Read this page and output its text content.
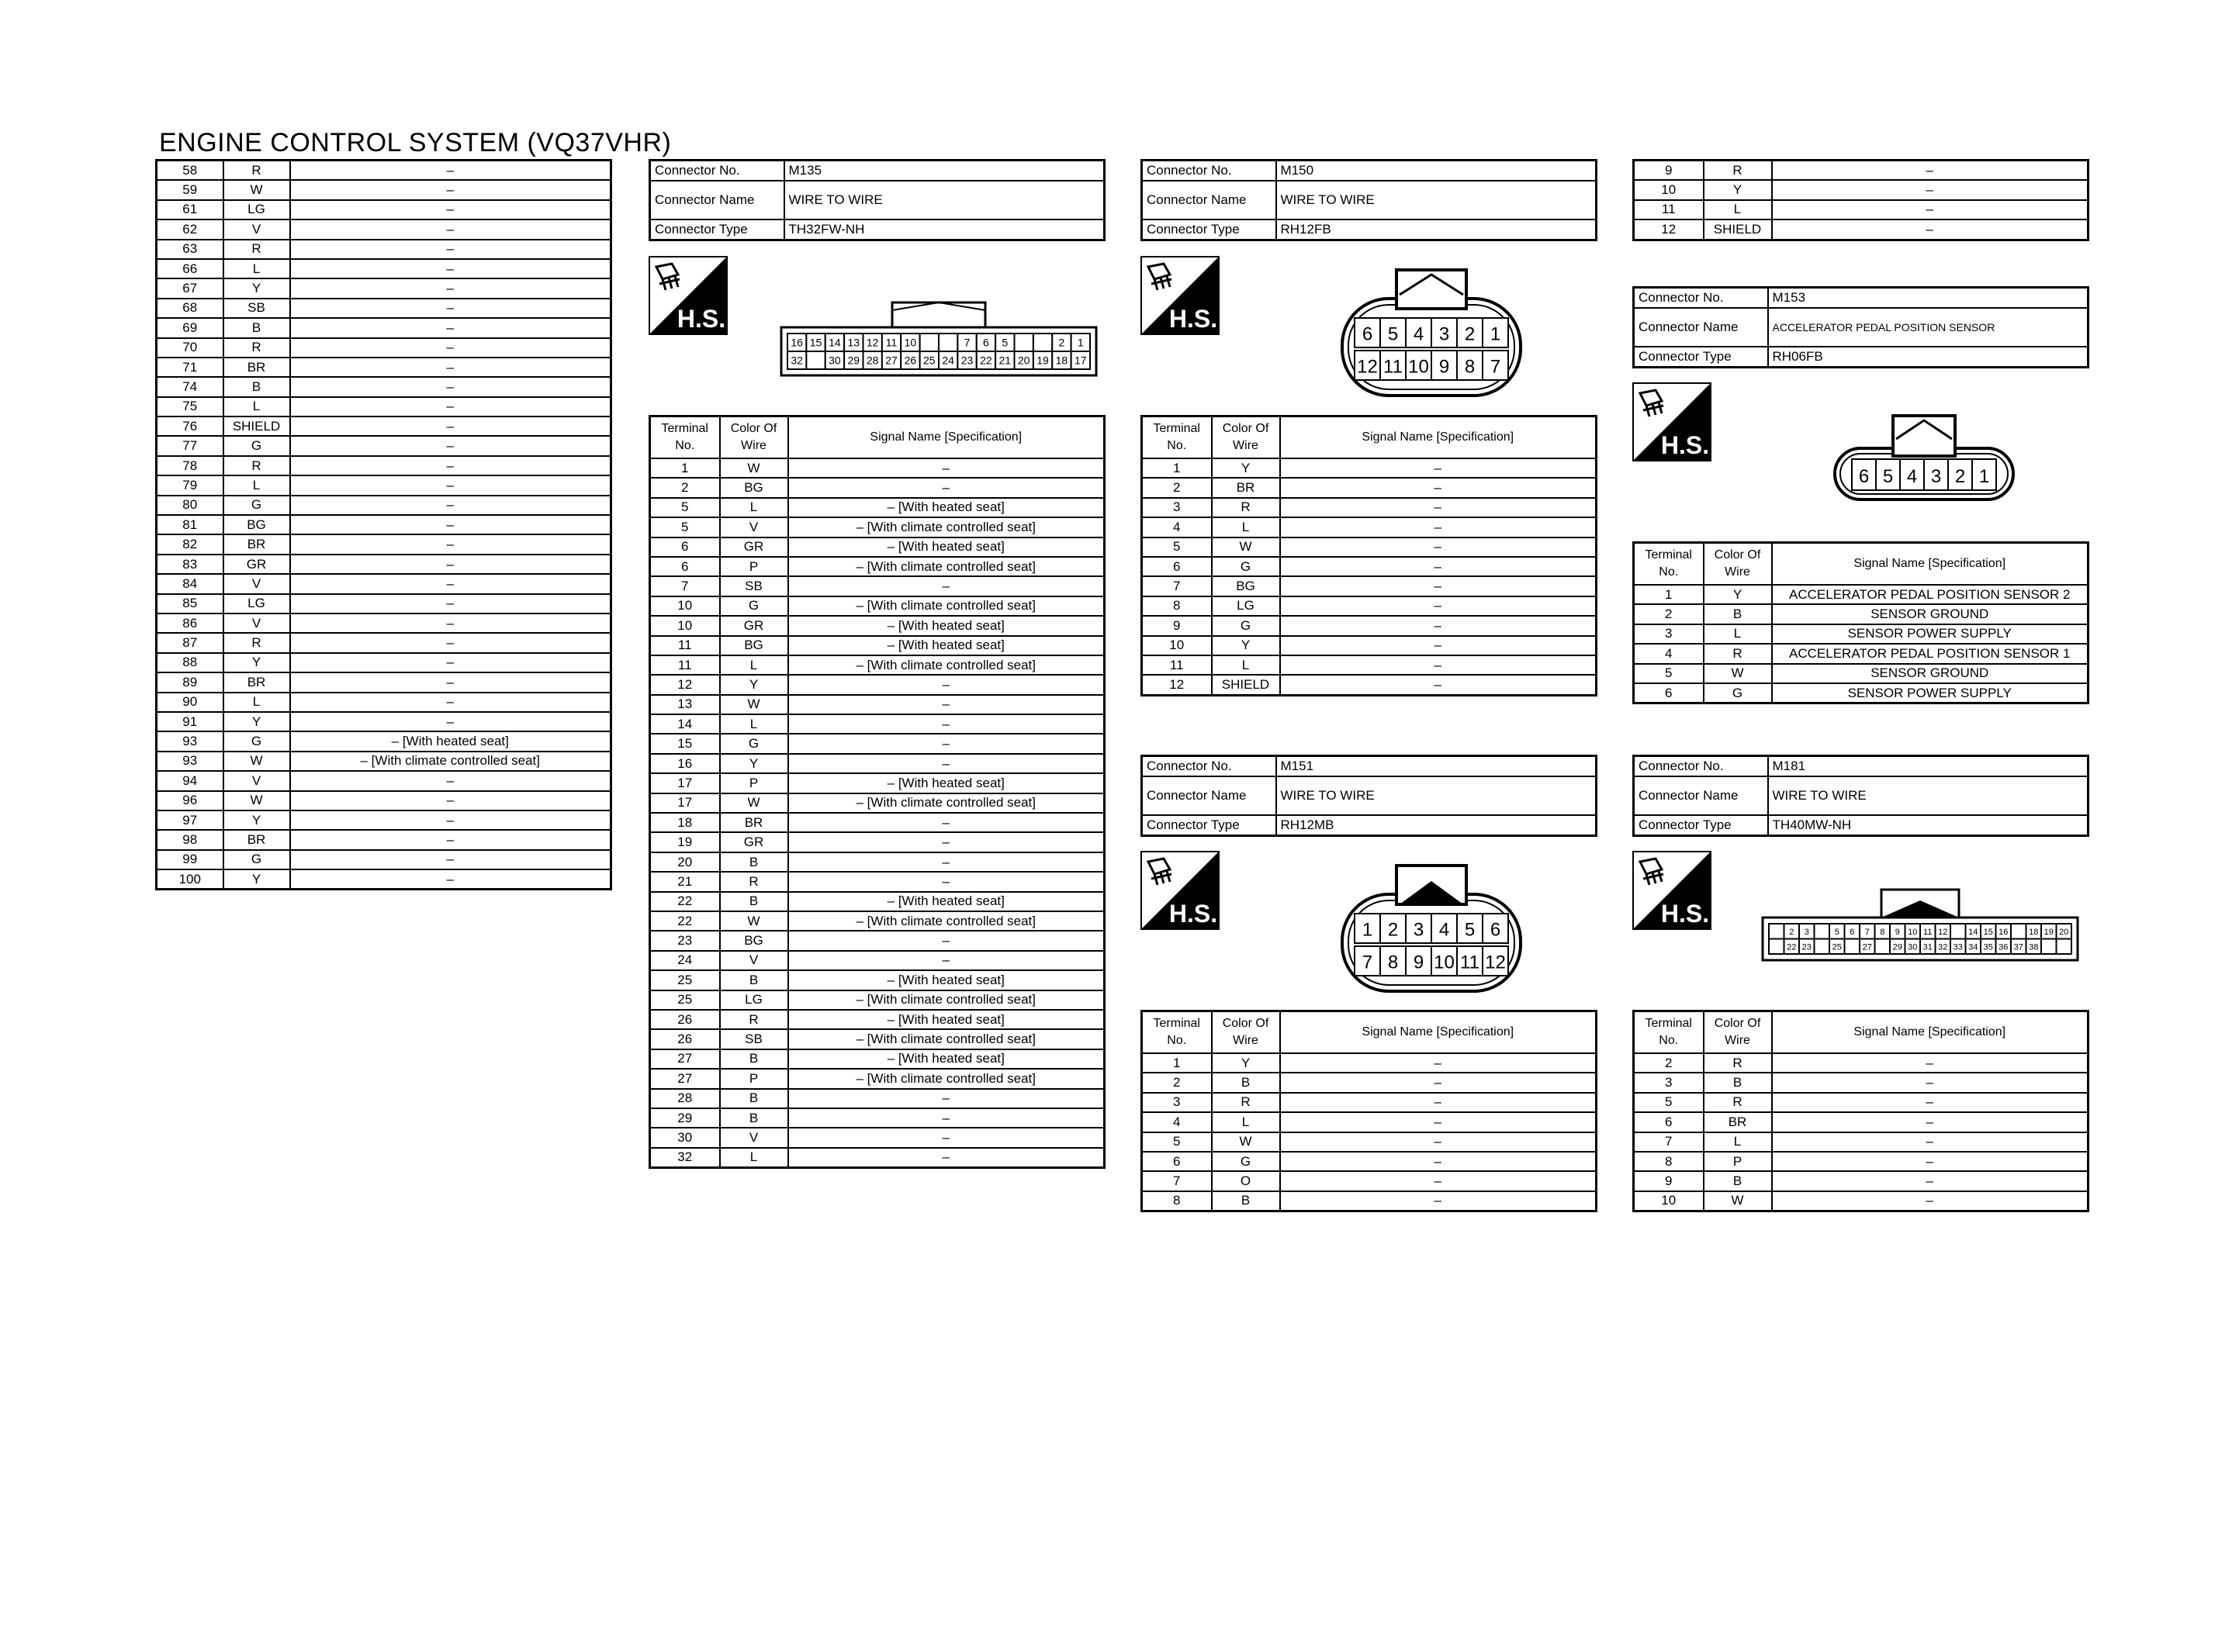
ENGINE CONTROL SYSTEM (VQ37VHR)
58	R	–
59	W	–
61	LG	–
62	V	–
63	R	–
66	L	–
67	Y	–
68	SB	–
69	B	–
70	R	–
71	BR	–
74	B	–
75	L	–
76	SHIELD	–
77	G	–
78	R	–
79	L	–
80	G	–
81	BG	–
82	BR	–
83	GR	–
84	V	–
85	LG	–
86	V	–
87	R	–
88	Y	–
89	BR	–
90	L	–
91	Y	–
93	G	– [With heated seat]
93	W	– [With climate controlled seat]
94	V	–
96	W	–
97	Y	–
98	BR	–
99	G	–
100	Y	–
Connector No.	M135
Connector Name	WIRE TO WIRE
Connector Type	TH32FW-NH
H.S.
16 15 14 13 12 11 10	7 6 5	2 1
32 30 29 28 27 26 25 24 23 22 21 20 19 18 17
Terminal No.	Color Of Wire	Signal Name [Specification]
1	W	–
2	BG	–
5	L	– [With heated seat]
5	V	– [With climate controlled seat]
6	GR	– [With heated seat]
6	P	– [With climate controlled seat]
7	SB	–
10	G	– [With climate controlled seat]
10	GR	– [With heated seat]
11	BG	– [With heated seat]
11	L	– [With climate controlled seat]
12	Y	–
13	W	–
14	L	–
15	G	–
16	Y	–
17	P	– [With heated seat]
17	W	– [With climate controlled seat]
18	BR	–
19	GR	–
20	B	–
21	R	–
22	B	– [With heated seat]
22	W	– [With climate controlled seat]
23	BG	–
24	V	–
25	B	– [With heated seat]
25	LG	– [With climate controlled seat]
26	R	– [With heated seat]
26	SB	– [With climate controlled seat]
27	B	– [With heated seat]
27	P	– [With climate controlled seat]
28	B	–
29	B	–
30	V	–
32	L	–
Connector No.	M150
Connector Name	WIRE TO WIRE
Connector Type	RH12FB
H.S.
6 5 4 3 2 1
12 11 10 9 8 7
Terminal No.	Color Of Wire	Signal Name [Specification]
1	Y	–
2	BR	–
3	R	–
4	L	–
5	W	–
6	G	–
7	BG	–
8	LG	–
9	G	–
10	Y	–
11	L	–
12	SHIELD	–
Connector No.	M151
Connector Name	WIRE TO WIRE
Connector Type	RH12MB
H.S.
1 2 3 4 5 6
7 8 9 10 11 12
Terminal No.	Color Of Wire	Signal Name [Specification]
1	Y	–
2	B	–
3	R	–
4	L	–
5	W	–
6	G	–
7	O	–
8	B	–
9	R	–
10	Y	–
11	L	–
12	SHIELD	–
Connector No.	M153
Connector Name	ACCELERATOR PEDAL POSITION SENSOR
Connector Type	RH06FB
H.S.
6 5 4 3 2 1
Terminal No.	Color Of Wire	Signal Name [Specification]
1	Y	ACCELERATOR PEDAL POSITION SENSOR 2
2	B	SENSOR GROUND
3	L	SENSOR POWER SUPPLY
4	R	ACCELERATOR PEDAL POSITION SENSOR 1
5	W	SENSOR GROUND
6	G	SENSOR POWER SUPPLY
Connector No.	M181
Connector Name	WIRE TO WIRE
Connector Type	TH40MW-NH
H.S.
2 3	5 6 7 8 9 10 11 12 14 15 16 18 19 20
22 23 25 27 29 30 31 32 33 34 35 36 37 38
Terminal No.	Color Of Wire	Signal Name [Specification]
2	R	–
3	B	–
5	R	–
6	BR	–
7	L	–
8	P	–
9	B	–
10	W	–
